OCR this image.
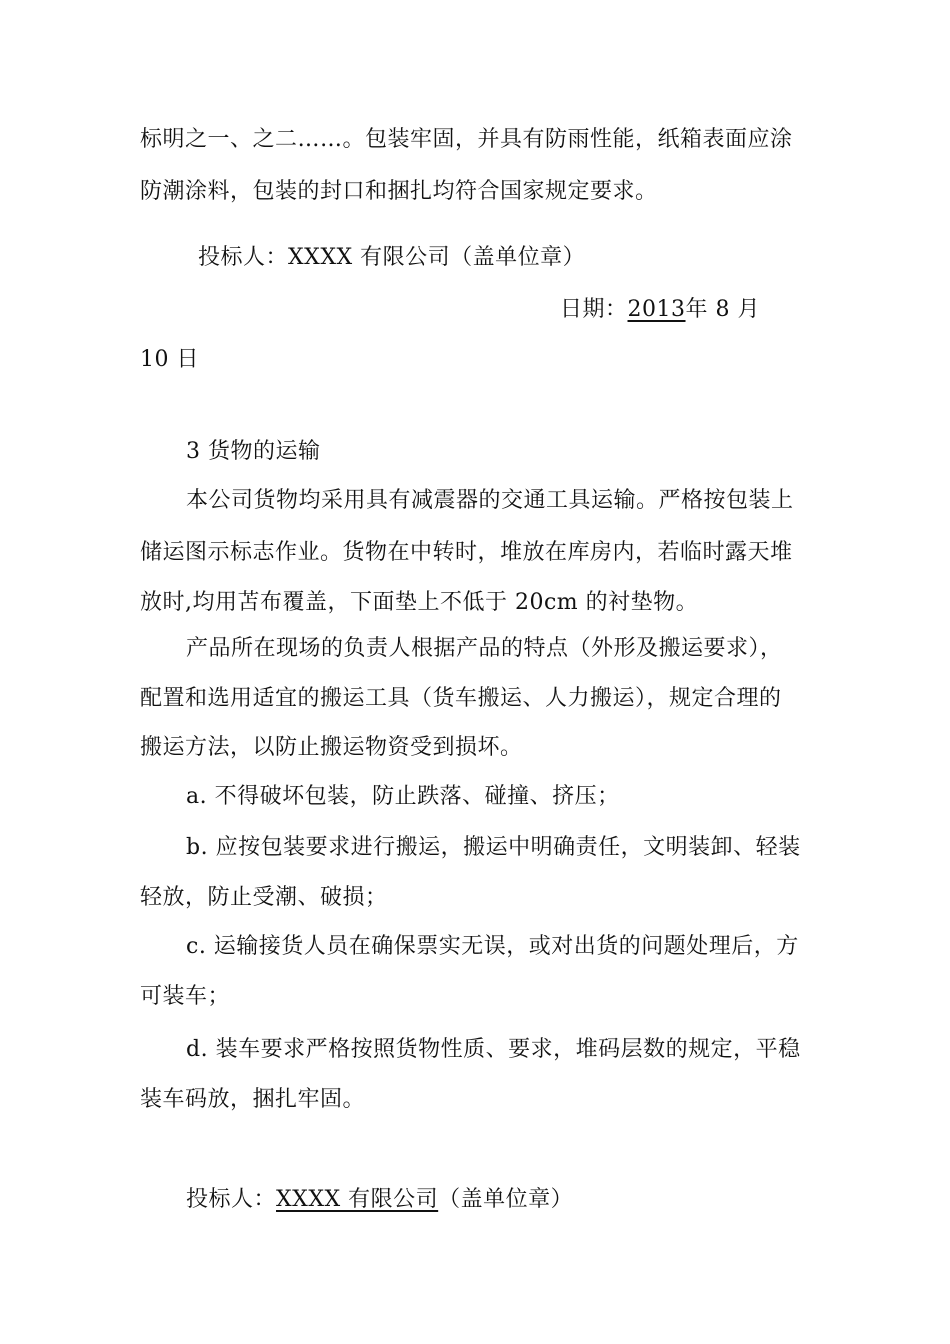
标明之一、之二……。包装牢固，并具有防雨性能，纸箱表面应涂
防潮涂料，包装的封口和捆扎均符合国家规定要求。
投标人：XXXX 有限公司（盖单位章）
日期：2013年 8 月
10 日
3 货物的运输
本公司货物均采用具有减震器的交通工具运输。严格按包装上
储运图示标志作业。货物在中转时，堆放在库房内，若临时露天堆
放时,均用苫布覆盖，下面垫上不低于 20cm 的衬垫物。
产品所在现场的负责人根据产品的特点（外形及搬运要求），
配置和选用适宜的搬运工具（货车搬运、人力搬运），规定合理的
搬运方法，以防止搬运物资受到损坏。
a. 不得破坏包装，防止跌落、碰撞、挤压；
b. 应按包装要求进行搬运，搬运中明确责任，文明装卸、轻装
轻放，防止受潮、破损；
c. 运输接货人员在确保票实无误，或对出货的问题处理后，方
可装车；
d. 装车要求严格按照货物性质、要求，堆码层数的规定，平稳
装车码放，捆扎牢固。
投标人：XXXX 有限公司（盖单位章）
